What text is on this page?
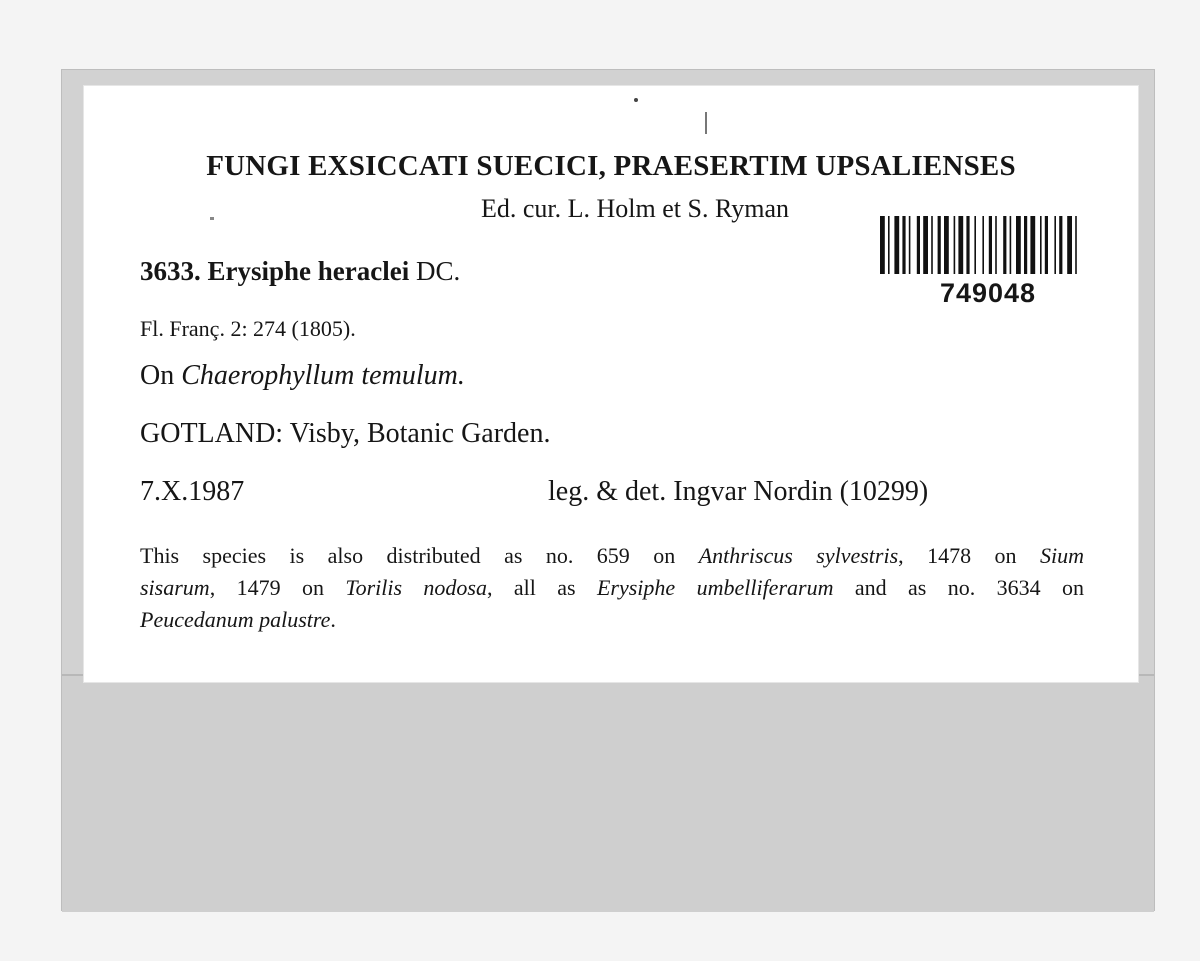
FUNGI EXSICCATI SUECICI, PRAESERTIM UPSALIENSES
Ed. cur. L. Holm et S. Ryman
3633. Erysiphe heraclei DC.
Fl. Franç. 2: 274 (1805).
On Chaerophyllum temulum.
GOTLAND: Visby, Botanic Garden.
7.X.1987	leg. & det. Ingvar Nordin (10299)
This species is also distributed as no. 659 on Anthriscus sylvestris, 1478 on Sium
sisarum, 1479 on Torilis nodosa, all as Erysiphe umbelliferarum and as no. 3634 on
Peucedanum palustre.
749048
